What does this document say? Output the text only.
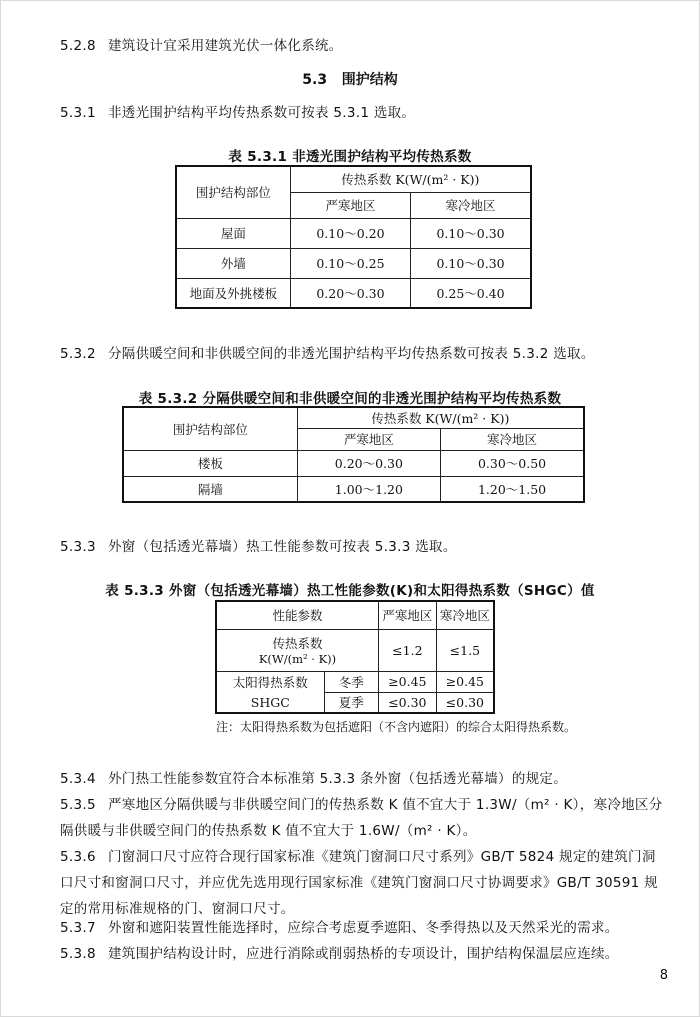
5.2.8 建筑设计宜采用建筑光伏一体化系统。
5.3 围护结构
5.3.1 非透光围护结构平均传热系数可按表 5.3.1 选取。
表 5.3.1 非透光围护结构平均传热系数
围护结构部位	传热系数 K(W/(m² · K))	
	严寒地区	寒冷地区
屋面	0.10～0.20	0.10～0.30
外墙	0.10～0.25	0.10～0.30
地面及外挑楼板	0.20～0.30	0.25～0.40
5.3.2 分隔供暖空间和非供暖空间的非透光围护结构平均传热系数可按表 5.3.2 选取。
表 5.3.2 分隔供暖空间和非供暖空间的非透光围护结构平均传热系数
围护结构部位	传热系数 K(W/(m² · K))	
	严寒地区	寒冷地区
楼板	0.20～0.30	0.30～0.50
隔墙	1.00～1.20	1.20～1.50
5.3.3 外窗（包括透光幕墙）热工性能参数可按表 5.3.3 选取。
表 5.3.3 外窗（包括透光幕墙）热工性能参数(K)和太阳得热系数（SHGC）值
性能参数		严寒地区	寒冷地区

传热系数
K(W/(m² · K))		≤1.2	≤1.5

太阳得热系数
SHGC	冬季	≥0.45	≥0.45
	夏季	≤0.30	≤0.30
注：太阳得热系数为包括遮阳（不含内遮阳）的综合太阳得热系数。
5.3.4 外门热工性能参数宜符合本标准第 5.3.3 条外窗（包括透光幕墙）的规定。
5.3.5 严寒地区分隔供暖与非供暖空间门的传热系数 K 值不宜大于 1.3W/（m² · K），寒冷地区分
隔供暖与非供暖空间门的传热系数 K 值不宜大于 1.6W/（m² · K）。
5.3.6 门窗洞口尺寸应符合现行国家标准《建筑门窗洞口尺寸系列》GB/T 5824 规定的建筑门洞
口尺寸和窗洞口尺寸，并应优先选用现行国家标准《建筑门窗洞口尺寸协调要求》GB/T 30591 规
定的常用标准规格的门、窗洞口尺寸。
5.3.7 外窗和遮阳装置性能选择时，应综合考虑夏季遮阳、冬季得热以及天然采光的需求。
5.3.8 建筑围护结构设计时，应进行消除或削弱热桥的专项设计，围护结构保温层应连续。
8
